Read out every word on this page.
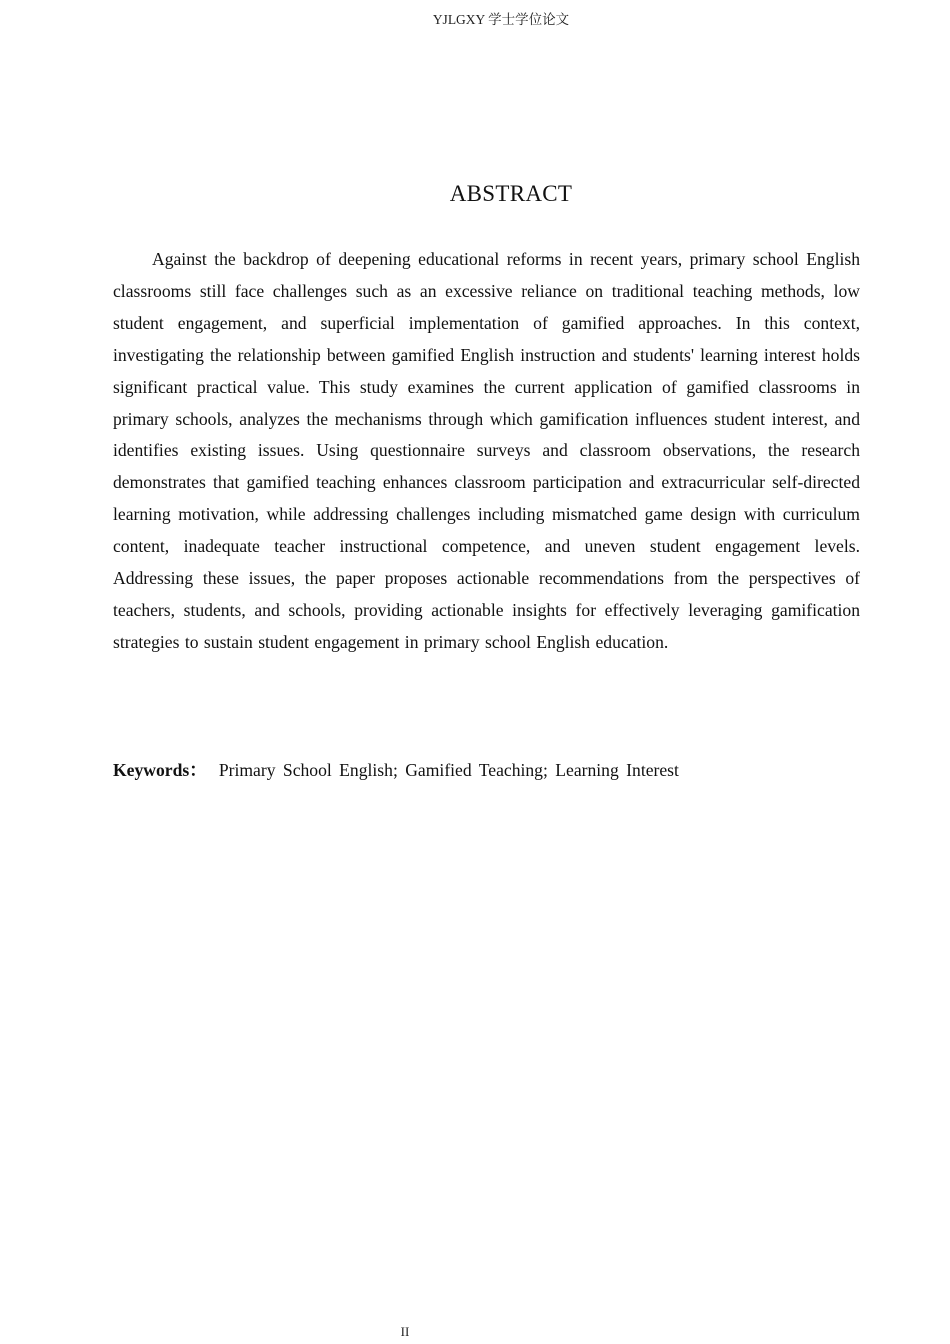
YJLGXY 学士学位论文
ABSTRACT

Against the backdrop of deepening educational reforms in recent years, primary school English classrooms still face challenges such as an excessive reliance on traditional teaching methods, low student engagement, and superficial implementation of gamified approaches. In this context, investigating the relationship between gamified English instruction and students' learning interest holds significant practical value. This study examines the current application of gamified classrooms in primary schools, analyzes the mechanisms through which gamification influences student interest, and identifies existing issues. Using questionnaire surveys and classroom observations, the research demonstrates that gamified teaching enhances classroom participation and extracurricular self-directed learning motivation, while addressing challenges including mismatched game design with curriculum content, inadequate teacher instructional competence, and uneven student engagement levels. Addressing these issues, the paper proposes actionable recommendations from the perspectives of teachers, students, and schools, providing actionable insights for effectively leveraging gamification strategies to sustain student engagement in primary school English education.

Keywords： Primary School English; Gamified Teaching; Learning Interest

II
